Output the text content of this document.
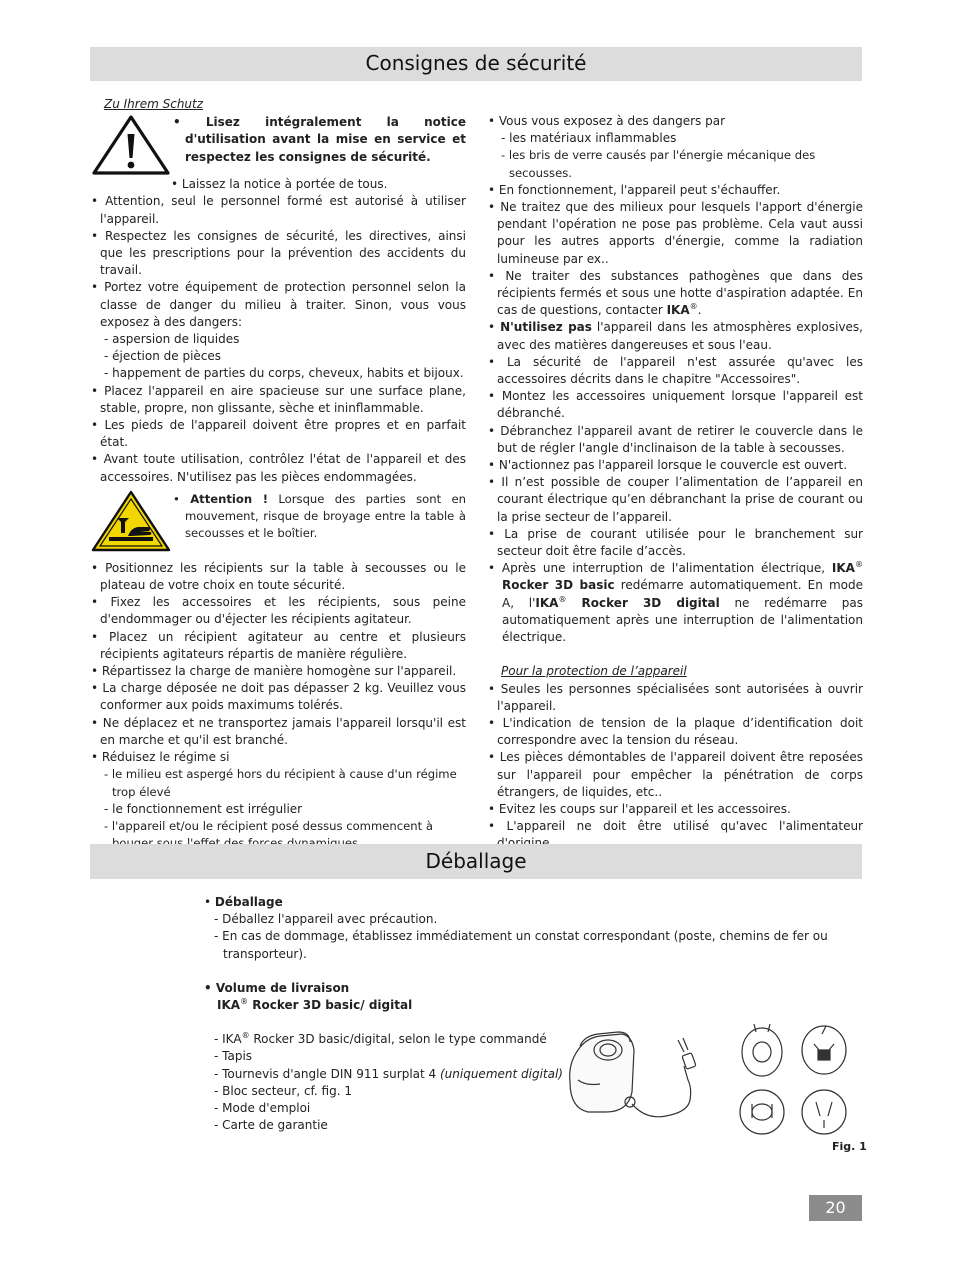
Consignes de sécurité

Zu Ihrem Schutz

• Lisez intégralement la notice d'utilisation avant la mise en service et respectez les consignes de sécurité.

• Laissez la notice à portée de tous.

• Attention, seul le personnel formé est autorisé à utiliser l'appareil.

• Respectez les consignes de sécurité, les directives, ainsi que les prescriptions pour la prévention des accidents du travail.

• Portez votre équipement de protection personnel selon la classe de danger du milieu à traiter. Sinon, vous vous exposez à des dangers:

- aspersion de liquides

- éjection de pièces

- happement de parties du corps, cheveux, habits et bijoux.

• Placez l'appareil en aire spacieuse sur une surface plane, stable, propre, non glissante, sèche et ininflammable.

• Les pieds de l'appareil doivent être propres et en parfait état.

• Avant toute utilisation, contrôlez l'état de l'appareil et des accessoires. N'utilisez pas les pièces endommagées.

• Attention ! Lorsque des parties sont en mouvement, risque de broyage entre la table à secousses et le boîtier.

• Positionnez les récipients sur la table à secousses ou le plateau de votre choix en toute sécurité.

• Fixez les accessoires et les récipients, sous peine d'endommager ou d'éjecter les récipients agitateur.

• Placez un récipient agitateur au centre et plusieurs récipients agitateurs répartis de manière régulière.

• Répartissez la charge de manière homogène sur l'appareil.

• La charge déposée ne doit pas dépasser 2 kg. Veuillez vous conformer aux poids maximums tolérés.

• Ne déplacez et ne transportez jamais l'appareil lorsqu'il est en marche et qu'il est branché.

• Réduisez le régime si

- le milieu est aspergé hors du récipient à cause d'un régime trop élevé

- le fonctionnement est irrégulier

- l'appareil et/ou le récipient posé dessus commencent à

•

• Vous vous exposez à des dangers par

- les matériaux inflammables

- les bris de verre causés par l'énergie mécanique des secousses.

• En fonctionnement, l'appareil peut s'échauffer.

• Ne traitez que des milieux pour lesquels l'apport d'énergie pendant l'opération ne pose pas problème. Cela vaut aussi pour les autres apports d'énergie, comme la radiation lumineuse par ex..

• Ne traiter des substances pathogènes que dans des récipients fermés et sous une hotte d'aspiration adaptée. En cas de questions, contacter IKA®.

• N'utilisez pas l'appareil dans les atmosphères explosives, avec des matières dangereuses et sous l'eau.

• La sécurité de l'appareil n'est assurée qu'avec les accessoires décrits dans le chapitre "Accessoires".

• Montez les accessoires uniquement lorsque l'appareil est débranché.

• Débranchez l'appareil avant de retirer le couvercle dans le but de régler l'angle d'inclinaison de la table à secousses.

• N'actionnez pas l'appareil lorsque le couvercle est ouvert.

• Il n’est possible de couper l’alimentation de l’appareil en courant électrique qu’en débranchant la prise de courant ou la prise secteur de l’appareil.

• La prise de courant utilisée pour le branchement sur secteur doit être facile d’accès.

• Après une interruption de l'alimentation électrique, IKA® Rocker 3D basic redémarre automatiquement. En mode A, l'IKA® Rocker 3D digital ne redémarre pas automatiquement après une interruption de l'alimentation électrique.

Pour la protection de l’appareil

• Seules les personnes spécialisées sont autorisées à ouvrir l'appareil.

• L'indication de tension de la plaque d’identification doit correspondre avec la tension du réseau.

• Les pièces démontables de l'appareil doivent être reposées sur l'appareil pour empêcher la pénétration de corps étrangers, de liquides, etc..

• Evitez les coups sur l'appareil et les accessoires.

• L'appareil ne doit être utilisé qu'avec l'alimentateur

Déballage

• Déballage

- Déballez l'appareil avec précaution.

- En cas de dommage, établissez immédiatement un constat correspondant (poste, chemins de fer ou transporteur).

• Volume de livraison

IKA® Rocker 3D basic/ digital

- IKA® Rocker 3D basic/digital, selon le type commandé

- Tapis

- Tournevis d'angle DIN 911 surplat 4 (uniquement digital)

- Bloc secteur, cf. fig. 1

- Mode d'emploi

- Carte de garantie

Fig. 1
20
